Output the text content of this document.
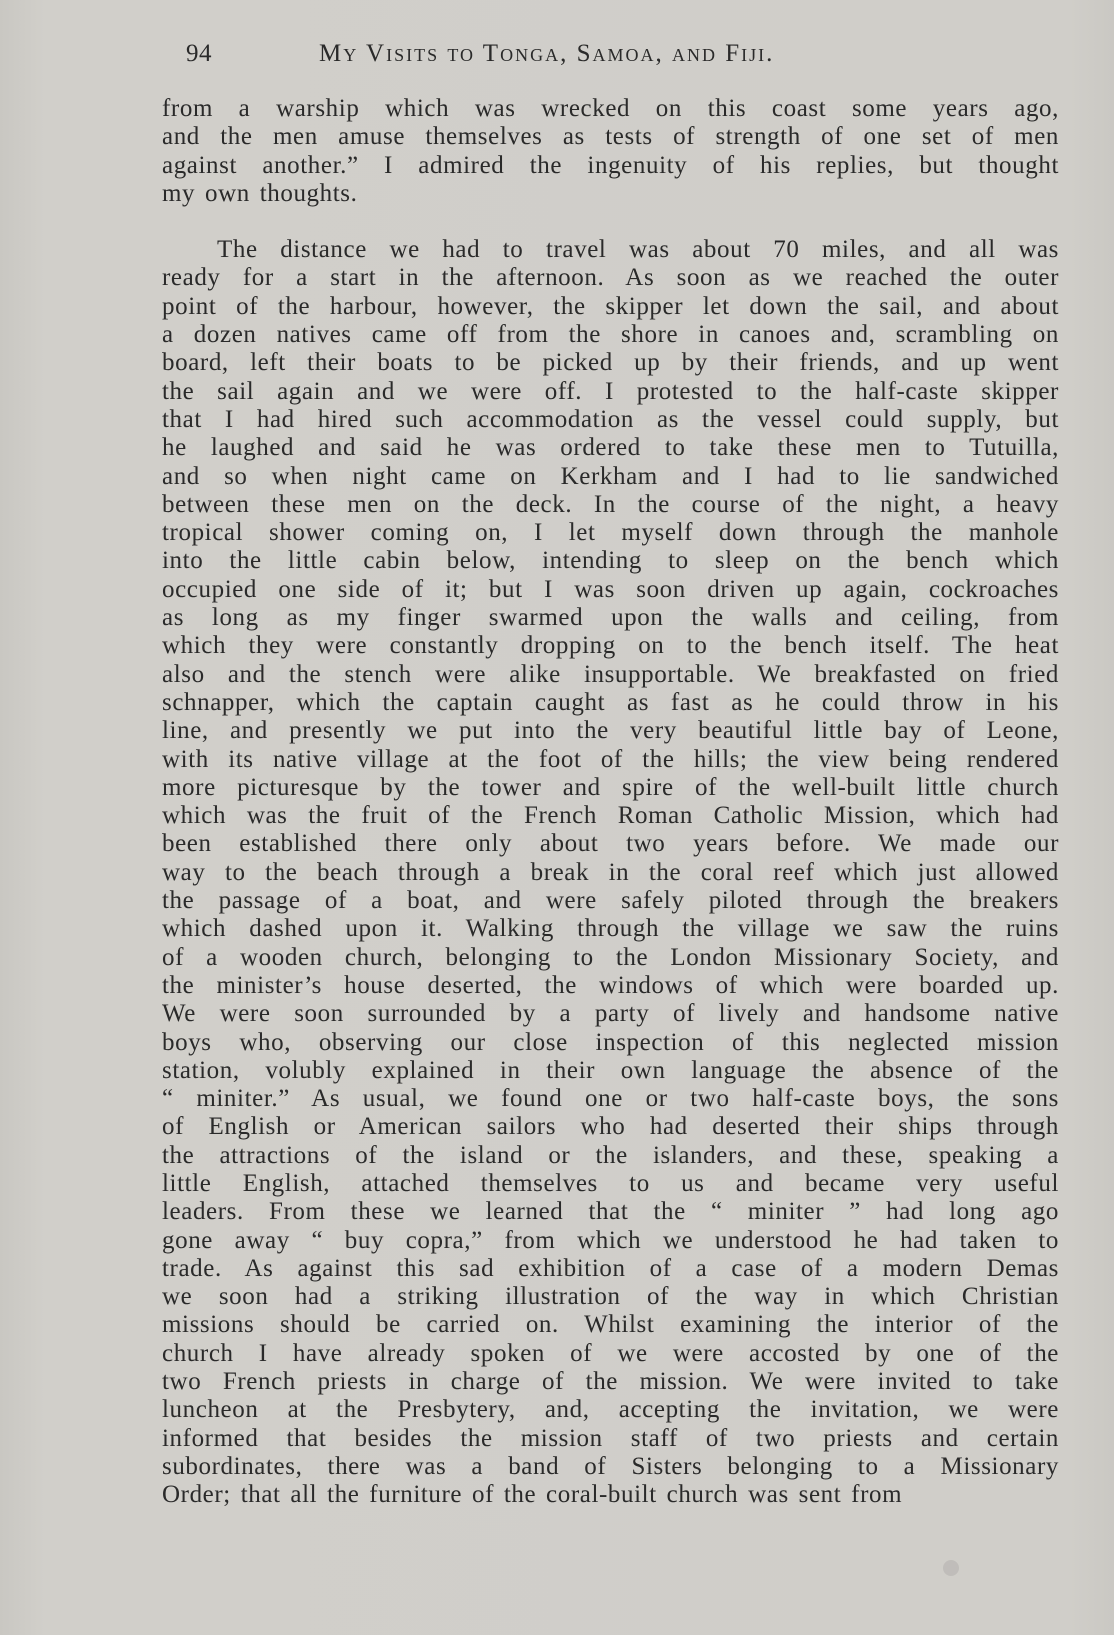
94	My Visits to Tonga, Samoa, and Fiji.

from a warship which was wrecked on this coast some years ago,
and the men amuse themselves as tests of strength of one set of men
against another.” I admired the ingenuity of his replies, but thought
my own thoughts.

The distance we had to travel was about 70 miles, and all was
ready for a start in the afternoon. As soon as we reached the outer
point of the harbour, however, the skipper let down the sail, and about
a dozen natives came off from the shore in canoes and, scrambling on
board, left their boats to be picked up by their friends, and up went
the sail again and we were off. I protested to the half-caste skipper
that I had hired such accommodation as the vessel could supply, but
he laughed and said he was ordered to take these men to Tutuilla,
and so when night came on Kerkham and I had to lie sandwiched
between these men on the deck. In the course of the night, a heavy
tropical shower coming on, I let myself down through the manhole
into the little cabin below, intending to sleep on the bench which
occupied one side of it; but I was soon driven up again, cockroaches
as long as my finger swarmed upon the walls and ceiling, from
which they were constantly dropping on to the bench itself. The heat
also and the stench were alike insupportable. We breakfasted on fried
schnapper, which the captain caught as fast as he could throw in his
line, and presently we put into the very beautiful little bay of Leone,
with its native village at the foot of the hills; the view being rendered
more picturesque by the tower and spire of the well-built little church
which was the fruit of the French Roman Catholic Mission, which had
been established there only about two years before. We made our
way to the beach through a break in the coral reef which just allowed
the passage of a boat, and were safely piloted through the breakers
which dashed upon it. Walking through the village we saw the ruins
of a wooden church, belonging to the London Missionary Society, and
the minister’s house deserted, the windows of which were boarded up.
We were soon surrounded by a party of lively and handsome native
boys who, observing our close inspection of this neglected mission
station, volubly explained in their own language the absence of the
“ miniter.” As usual, we found one or two half-caste boys, the sons
of English or American sailors who had deserted their ships through
the attractions of the island or the islanders, and these, speaking a
little English, attached themselves to us and became very useful
leaders. From these we learned that the “ miniter ” had long ago
gone away “ buy copra,” from which we understood he had taken to
trade. As against this sad exhibition of a case of a modern Demas
we soon had a striking illustration of the way in which Christian
missions should be carried on. Whilst examining the interior of the
church I have already spoken of we were accosted by one of the
two French priests in charge of the mission. We were invited to take
luncheon at the Presbytery, and, accepting the invitation, we were
informed that besides the mission staff of two priests and certain
subordinates, there was a band of Sisters belonging to a Missionary
Order; that all the furniture of the coral-built church was sent from
